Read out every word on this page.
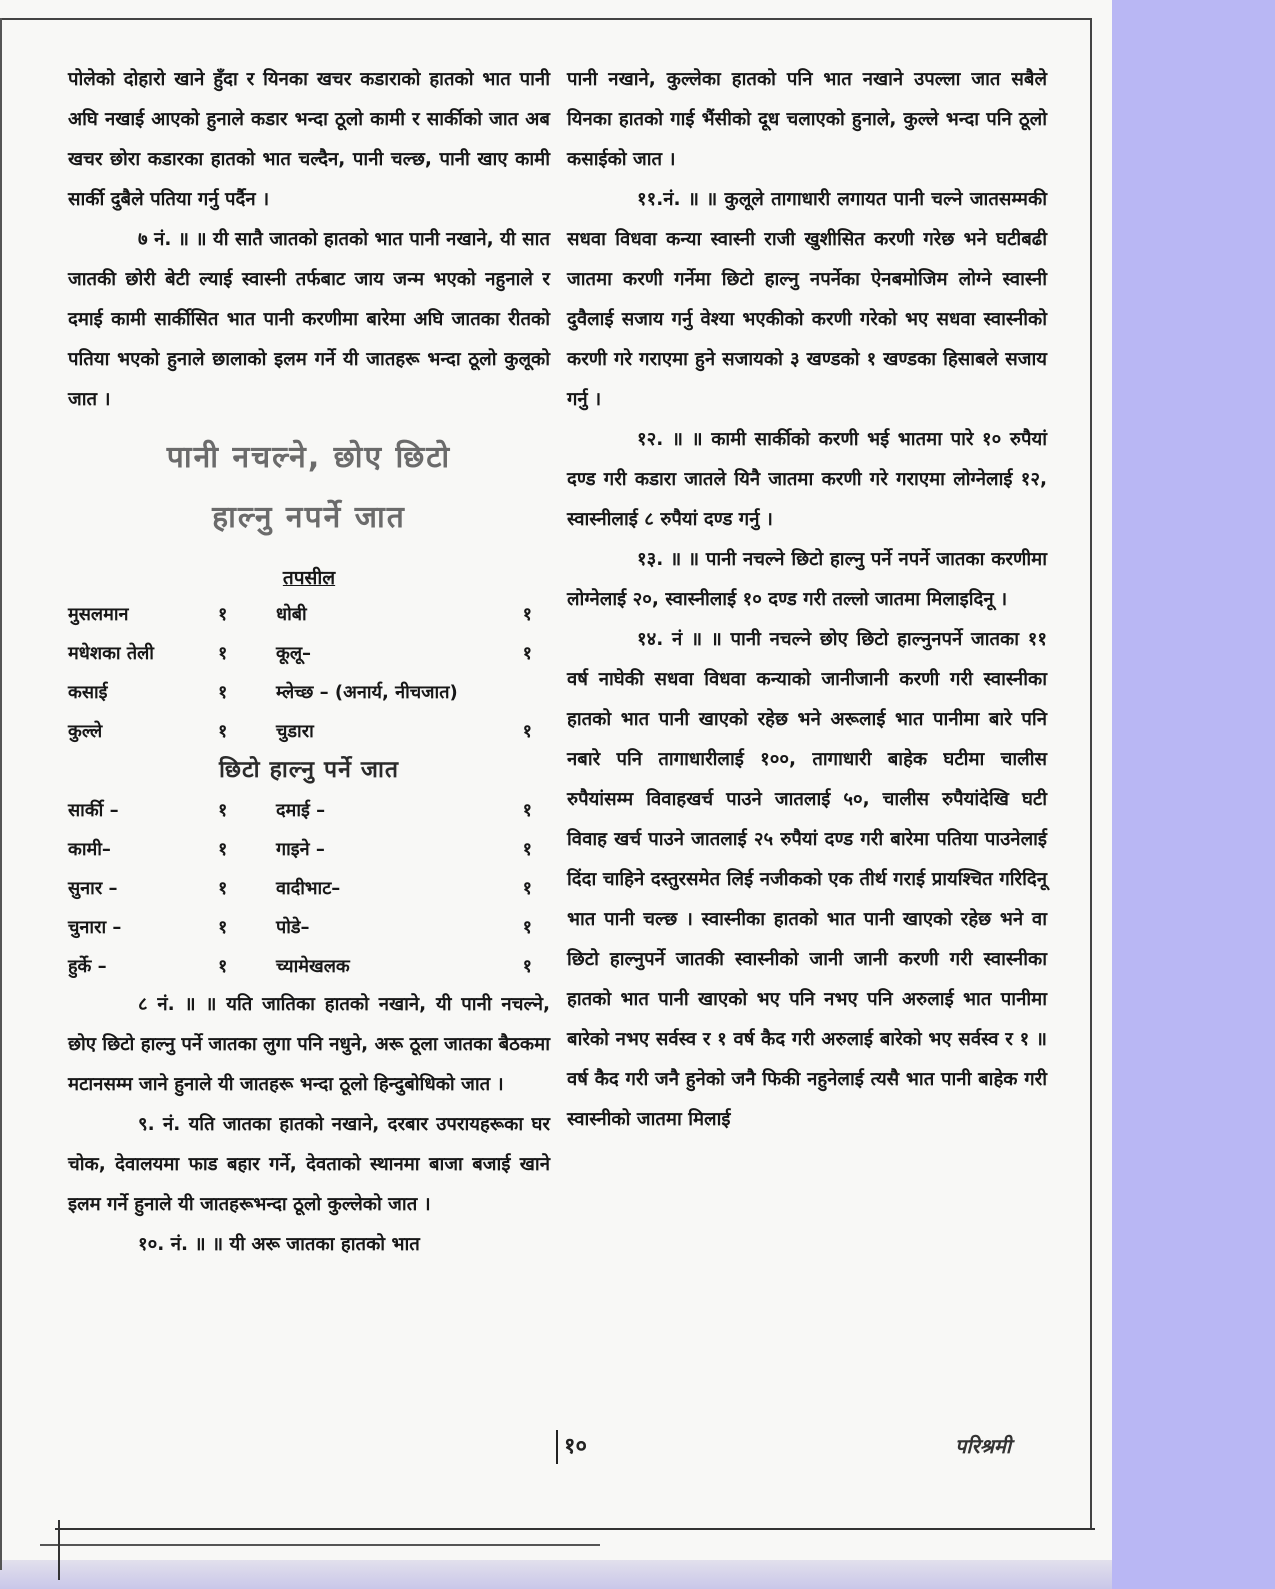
पोलेको दोहारो खाने हुँदा र यिनका खचर कडाराको हातको भात पानी अघि नखाई आएको हुनाले कडार भन्दा ठूलो कामी र सार्कीको जात अब खचर छोरा कडारका हातको भात चल्दैन, पानी चल्छ, पानी खाए कामी सार्की दुबैले पतिया गर्नु पर्दैन ।

७ नं. ॥ ॥ यी सातै जातको हातको भात पानी नखाने, यी सात जातकी छोरी बेटी ल्याई स्वास्नी तर्फबाट जाय जन्म भएको नहुनाले र दमाई कामी सार्कीसित भात पानी करणीमा बारेमा अघि जातका रीतको पतिया भएको हुनाले छालाको इलम गर्ने यी जातहरू भन्दा ठूलो कुलूको जात ।

पानी नचल्ने, छोए छिटो
हाल्नु नपर्ने जात
तपसील
मुसलमान	१	धोबी	१
मधेशका तेली	१	कूलू–	१
कसाई	१	म्लेच्छ – (अनार्य, नीचजात)	
कुल्ले	१	चुडारा	१
छिटो हाल्नु पर्ने जात
सार्की –	१	दमाई –	१
कामी–	१	गाइने –	१
सुनार –	१	वादीभाट–	१
चुनारा –	१	पोडे–	१
हुर्के –	१	च्यामेखलक	१

८ नं. ॥ ॥ यति जातिका हातको नखाने, यी पानी नचल्ने, छोए छिटो हाल्नु पर्ने जातका लुगा पनि नधुने, अरू ठूला जातका बैठकमा मटानसम्म जाने हुनाले यी जातहरू भन्दा ठूलो हिन्दुबोधिको जात ।

९. नं. यति जातका हातको नखाने, दरबार उपरायहरूका घर चोक, देवालयमा फाड बहार गर्ने, देवताको स्थानमा बाजा बजाई खाने इलम गर्ने हुनाले यी जातहरूभन्दा ठूलो कुल्लेको जात ।

१०. नं. ॥ ॥ यी अरू जातका हातको भात

पानी नखाने, कुल्लेका हातको पनि भात नखाने उपल्ला जात सबैले यिनका हातको गाई भैंसीको दूध चलाएको हुनाले, कुल्ले भन्दा पनि ठूलो कसाईको जात ।

११.नं. ॥ ॥ कुलूले तागाधारी लगायत पानी चल्ने जातसम्मकी सधवा विधवा कन्या स्वास्नी राजी खुशीसित करणी गरेछ भने घटीबढी जातमा करणी गर्नेमा छिटो हाल्नु नपर्नेका ऐनबमोजिम लोग्ने स्वास्नी दुवैलाई सजाय गर्नु वेश्या भएकीको करणी गरेको भए सधवा स्वास्नीको करणी गरे गराएमा हुने सजायको ३ खण्डको १ खण्डका हिसाबले सजाय गर्नु ।

१२. ॥ ॥ कामी सार्कीको करणी भई भातमा पारे १० रुपैयां दण्ड गरी कडारा जातले यिनै जातमा करणी गरे गराएमा लोग्नेलाई १२, स्वास्नीलाई ८ रुपैयां दण्ड गर्नु ।

१३. ॥ ॥ पानी नचल्ने छिटो हाल्नु पर्ने नपर्ने जातका करणीमा लोग्नेलाई २०, स्वास्नीलाई १० दण्ड गरी तल्लो जातमा मिलाइदिनू ।

१४. नं ॥ ॥ पानी नचल्ने छोए छिटो हाल्नुनपर्ने जातका ११ वर्ष नाघेकी सधवा विधवा कन्याको जानीजानी करणी गरी स्वास्नीका हातको भात पानी खाएको रहेछ भने अरूलाई भात पानीमा बारे पनि नबारे पनि तागाधारीलाई १००, तागाधारी बाहेक घटीमा चालीस रुपैयांसम्म विवाहखर्च पाउने जातलाई ५०, चालीस रुपैयांदेखि घटी विवाह खर्च पाउने जातलाई २५ रुपैयां दण्ड गरी बारेमा पतिया पाउनेलाई दिंदा चाहिने दस्तुरसमेत लिई नजीकको एक तीर्थ गराई प्रायश्चित गरिदिनू भात पानी चल्छ । स्वास्नीका हातको भात पानी खाएको रहेछ भने वा छिटो हाल्नुपर्ने जातकी स्वास्नीको जानी जानी करणी गरी स्वास्नीका हातको भात पानी खाएको भए पनि नभए पनि अरुलाई भात पानीमा बारेको नभए सर्वस्व र १ वर्ष कैद गरी अरुलाई बारेको भए सर्वस्व र १ ॥ वर्ष कैद गरी जनै हुनेको जनै फिकी नहुनेलाई त्यसै भात पानी बाहेक गरी स्वास्नीको जातमा मिलाई

१०	परिश्रमी
